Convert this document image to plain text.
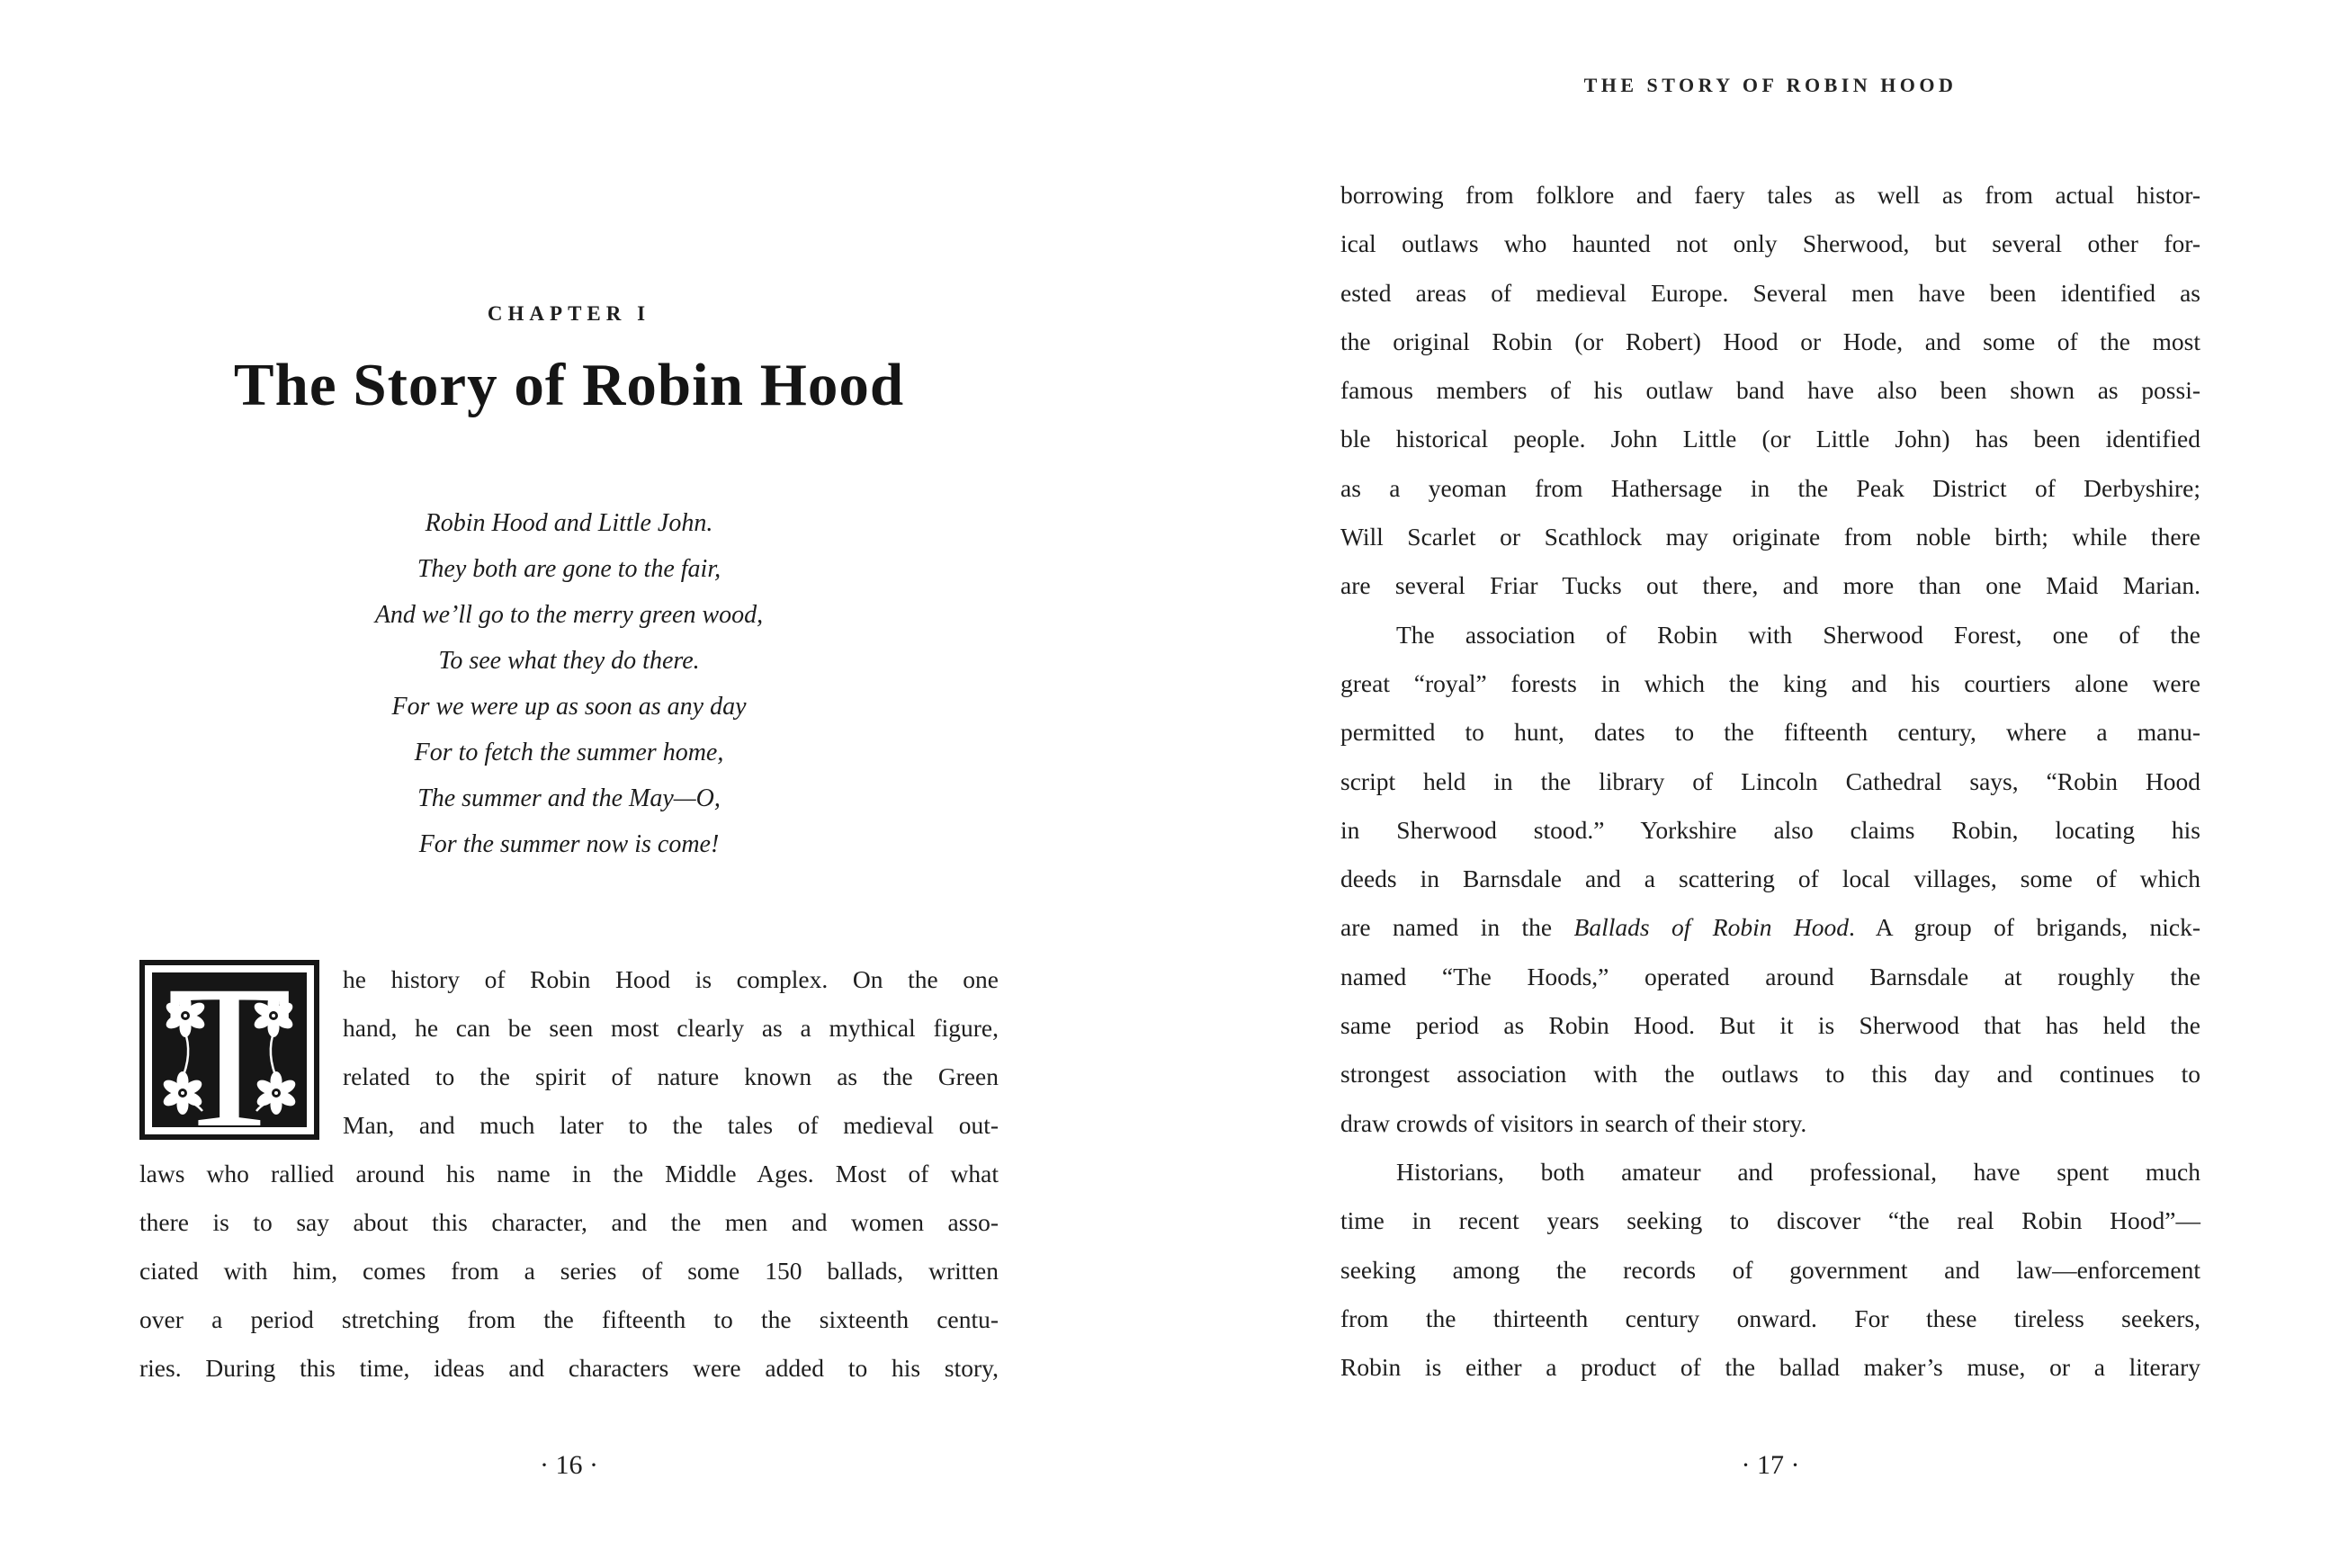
CHAPTER I
The Story of Robin Hood
Robin Hood and Little John.
They both are gone to the fair,
And we’ll go to the merry green wood,
To see what they do there.
For we were up as soon as any day
For to fetch the summer home,
The summer and the May—O,
For the summer now is come!
T he history of Robin Hood is complex. On the one
hand, he can be seen most clearly as a mythical figure,
related to the spirit of nature known as the Green
Man, and much later to the tales of medieval out-
laws who rallied around his name in the Middle Ages. Most of what
there is to say about this character, and the men and women asso-
ciated with him, comes from a series of some 150 ballads, written
over a period stretching from the fifteenth to the sixteenth centu-
ries. During this time, ideas and characters were added to his story,
· 16 ·
THE STORY OF ROBIN HOOD
borrowing from folklore and faery tales as well as from actual histor-
ical outlaws who haunted not only Sherwood, but several other for-
ested areas of medieval Europe. Several men have been identified as
the original Robin (or Robert) Hood or Hode, and some of the most
famous members of his outlaw band have also been shown as possi-
ble historical people. John Little (or Little John) has been identified
as a yeoman from Hathersage in the Peak District of Derbyshire;
Will Scarlet or Scathlock may originate from noble birth; while there
are several Friar Tucks out there, and more than one Maid Marian.
The association of Robin with Sherwood Forest, one of the
great “royal” forests in which the king and his courtiers alone were
permitted to hunt, dates to the fifteenth century, where a manu-
script held in the library of Lincoln Cathedral says, “Robin Hood
in Sherwood stood.” Yorkshire also claims Robin, locating his
deeds in Barnsdale and a scattering of local villages, some of which
are named in the Ballads of Robin Hood. A group of brigands, nick-
named “The Hoods,” operated around Barnsdale at roughly the
same period as Robin Hood. But it is Sherwood that has held the
strongest association with the outlaws to this day and continues to
draw crowds of visitors in search of their story.
Historians, both amateur and professional, have spent much
time in recent years seeking to discover “the real Robin Hood”—
seeking among the records of government and law—enforcement
from the thirteenth century onward. For these tireless seekers,
Robin is either a product of the ballad maker’s muse, or a literary
· 17 ·
